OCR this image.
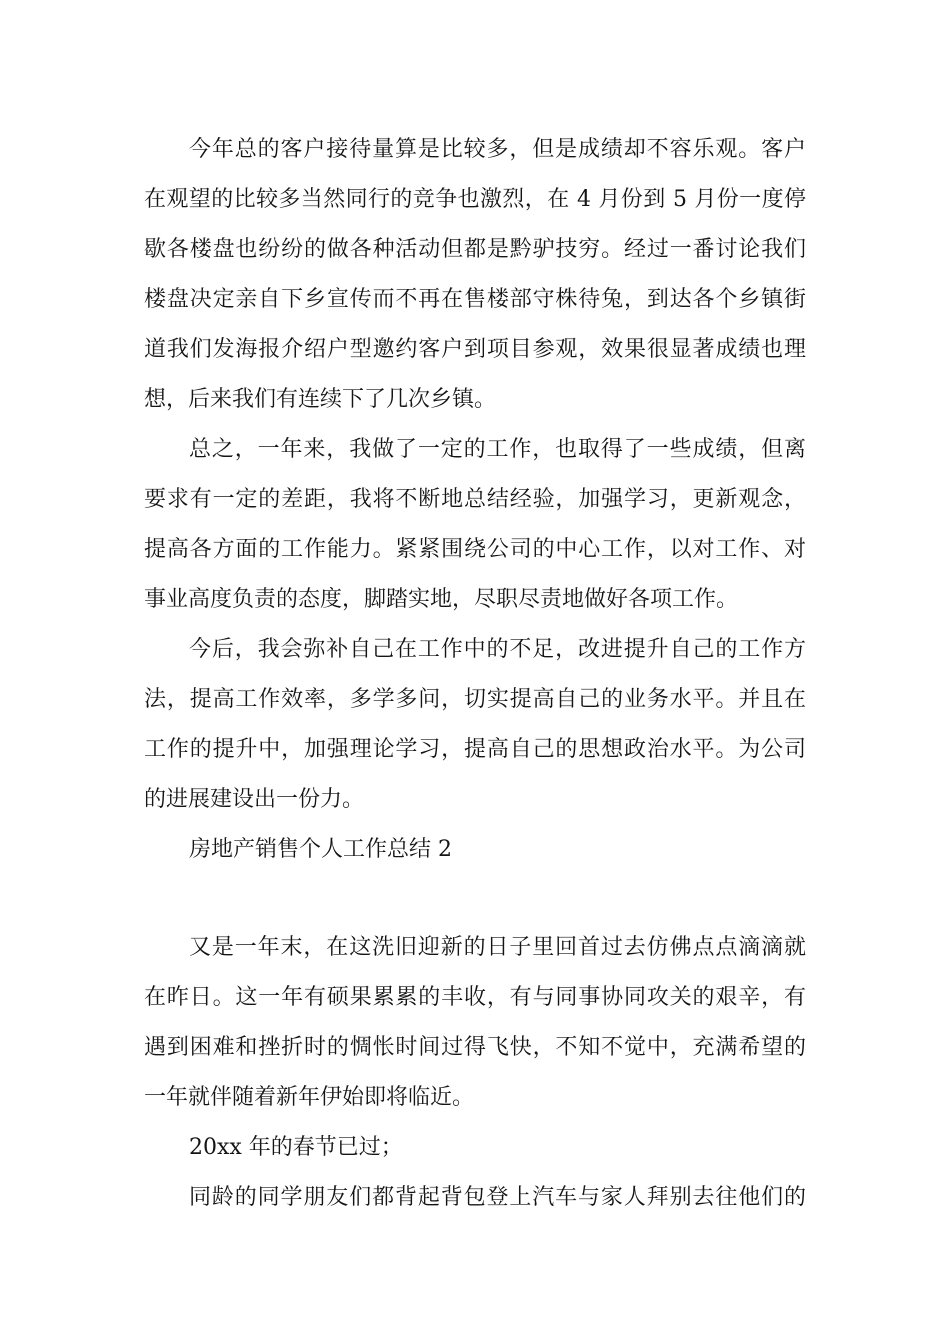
今年总的客户接待量算是比较多，但是成绩却不容乐观。客户

在观望的比较多当然同行的竞争也激烈，在 4 月份到 5 月份一度停

歇各楼盘也纷纷的做各种活动但都是黔驴技穷。经过一番讨论我们

楼盘决定亲自下乡宣传而不再在售楼部守株待兔，到达各个乡镇街

道我们发海报介绍户型邀约客户到项目参观，效果很显著成绩也理

想，后来我们有连续下了几次乡镇。

总之，一年来，我做了一定的工作，也取得了一些成绩，但离

要求有一定的差距，我将不断地总结经验，加强学习，更新观念，

提高各方面的工作能力。紧紧围绕公司的中心工作，以对工作、对

事业高度负责的态度，脚踏实地，尽职尽责地做好各项工作。

今后，我会弥补自己在工作中的不足，改进提升自己的工作方

法，提高工作效率，多学多问，切实提高自己的业务水平。并且在

工作的提升中，加强理论学习，提高自己的思想政治水平。为公司

的进展建设出一份力。

房地产销售个人工作总结 2

又是一年末，在这洗旧迎新的日子里回首过去仿佛点点滴滴就

在昨日。这一年有硕果累累的丰收，有与同事协同攻关的艰辛，有

遇到困难和挫折时的惆怅时间过得飞快，不知不觉中，充满希望的

一年就伴随着新年伊始即将临近。

20xx 年的春节已过；

同龄的同学朋友们都背起背包登上汽车与家人拜别去往他们的
